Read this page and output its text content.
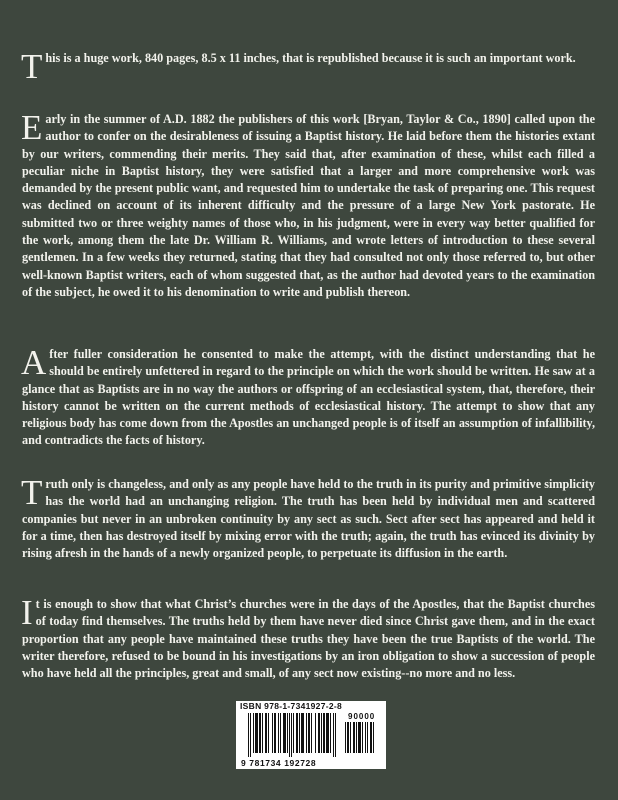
This is a huge work, 840 pages, 8.5 x 11 inches, that is republished because it is such an important work.

Early in the summer of A.D. 1882 the publishers of this work [Bryan, Taylor & Co., 1890] called upon the author to confer on the desirableness of issuing a Baptist history. He laid before them the histories extant by our writers, commending their merits. They said that, after examination of these, whilst each filled a peculiar niche in Baptist history, they were satisfied that a larger and more comprehensive work was demanded by the present public want, and requested him to undertake the task of preparing one. This request was declined on account of its inherent difficulty and the pressure of a large New York pastorate. He submitted two or three weighty names of those who, in his judgment, were in every way better qualified for the work, among them the late Dr. William R. Williams, and wrote letters of introduction to these several gentlemen. In a few weeks they returned, stating that they had consulted not only those referred to, but other well-known Baptist writers, each of whom suggested that, as the author had devoted years to the examination of the subject, he owed it to his denomination to write and publish thereon.

After fuller consideration he consented to make the attempt, with the distinct understanding that he should be entirely unfettered in regard to the principle on which the work should be written. He saw at a glance that as Baptists are in no way the authors or offspring of an ecclesiastical system, that, therefore, their history cannot be written on the current methods of ecclesiastical history. The attempt to show that any religious body has come down from the Apostles an unchanged people is of itself an assumption of infallibility, and contradicts the facts of history.

Truth only is changeless, and only as any people have held to the truth in its purity and primitive simplicity has the world had an unchanging religion. The truth has been held by individual men and scattered companies but never in an unbroken continuity by any sect as such. Sect after sect has appeared and held it for a time, then has destroyed itself by mixing error with the truth; again, the truth has evinced its divinity by rising afresh in the hands of a newly organized people, to perpetuate its diffusion in the earth.

It is enough to show that what Christ’s churches were in the days of the Apostles, that the Baptist churches of today find themselves. The truths held by them have never died since Christ gave them, and in the exact proportion that any people have maintained these truths they have been the true Baptists of the world. The writer therefore, refused to be bound in his investigations by an iron obligation to show a succession of people who have held all the principles, great and small, of any sect now existing--no more and no less.

ISBN 978-1-7341927-2-8
90000
9 781734 192728
